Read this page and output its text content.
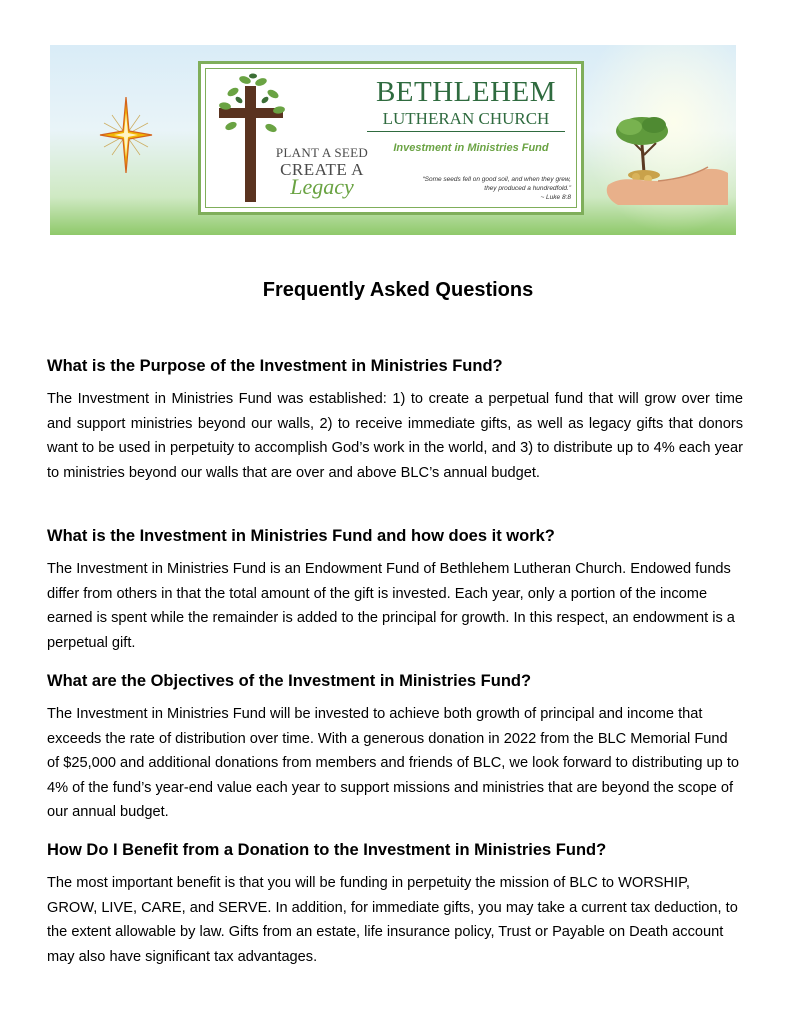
PLANT A SEED
CREATE A
Legacy
BETHLEHEM
LUTHERAN CHURCH
Investment in Ministries Fund
“Some seeds fell on good soil, and when they grew,
they produced a hundredfold.”
~ Luke 8:8
Frequently Asked Questions
What is the Purpose of the Investment in Ministries Fund?

The Investment in Ministries Fund was established: 1) to create a perpetual fund that will grow over time and support ministries beyond our walls, 2) to receive immediate gifts, as well as legacy gifts that donors want to be used in perpetuity to accomplish God’s work in the world, and 3) to distribute up to 4% each year to ministries beyond our walls that are over and above BLC’s annual budget.

What is the Investment in Ministries Fund and how does it work?

The Investment in Ministries Fund is an Endowment Fund of Bethlehem Lutheran Church. Endowed funds differ from others in that the total amount of the gift is invested. Each year, only a portion of the income earned is spent while the remainder is added to the principal for growth. In this respect, an endowment is a perpetual gift.

What are the Objectives of the Investment in Ministries Fund?

The Investment in Ministries Fund will be invested to achieve both growth of principal and income that exceeds the rate of distribution over time. With a generous donation in 2022 from the BLC Memorial Fund of $25,000 and additional donations from members and friends of BLC, we look forward to distributing up to 4% of the fund’s year-end value each year to support missions and ministries that are beyond the scope of our annual budget.

How Do I Benefit from a Donation to the Investment in Ministries Fund?

The most important benefit is that you will be funding in perpetuity the mission of BLC to WORSHIP, GROW, LIVE, CARE, and SERVE. In addition, for immediate gifts, you may take a current tax deduction, to the extent allowable by law. Gifts from an estate, life insurance policy, Trust or Payable on Death account may also have significant tax advantages.
